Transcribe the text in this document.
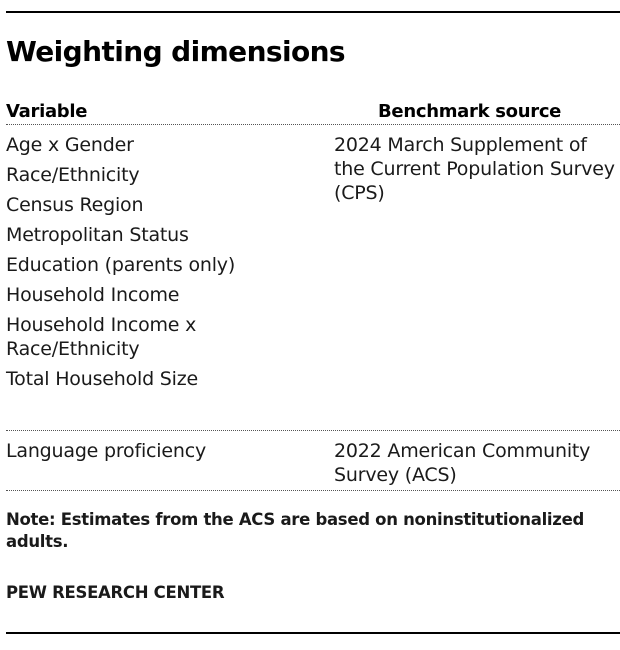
Weighting dimensions
Variable	Benchmark source
Age x Gender
Race/Ethnicity
Census Region
Metropolitan Status
Education (parents only)
Household Income
Household Income x Race/Ethnicity
Total Household Size
2024 March Supplement of the Current Population Survey (CPS)
Language proficiency	2022 American Community Survey (ACS)
Note: Estimates from the ACS are based on noninstitutionalized adults.
PEW RESEARCH CENTER
